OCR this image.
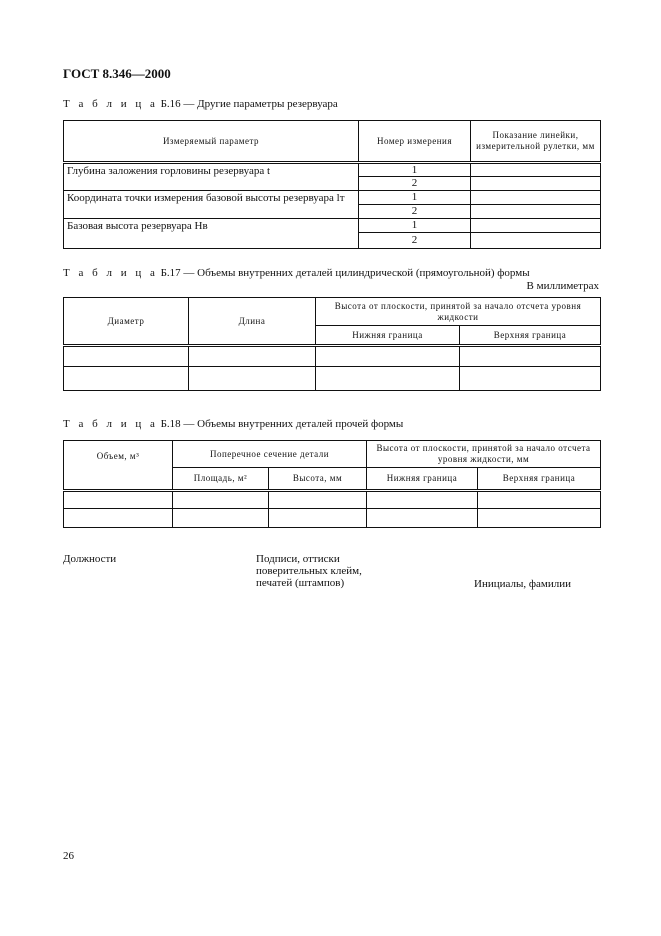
ГОСТ 8.346—2000
Т а б л и ц а Б.16 — Другие параметры резервуара
Измеряемый параметр	Номер измерения	Показание линейки, измерительной рулетки, мм
Глубина заложения горловины резервуара t	1	
	2	
Координата точки измерения базовой высоты резервуара lт	1	
	2	
Базовая высота резервуара Hв	1	
	2	
Т а б л и ц а Б.17 — Объемы внутренних деталей цилиндрической (прямоугольной) формы
В миллиметрах
Диаметр	Длина	Высота от плоскости, принятой за начало отсчета уровня жидкости	
		Нижняя граница	Верхняя граница

Т а б л и ц а Б.18 — Объемы внутренних деталей прочей формы
Объем, м³	Поперечное сечение детали		Высота от плоскости, принятой за начало отсчета уровня жидкости, мм	
	Площадь, м²	Высота, мм	Нижняя граница	Верхняя граница

Должности	Подписи, оттиски
поверительных клейм,
печатей (штампов)	Инициалы, фамилии
26
